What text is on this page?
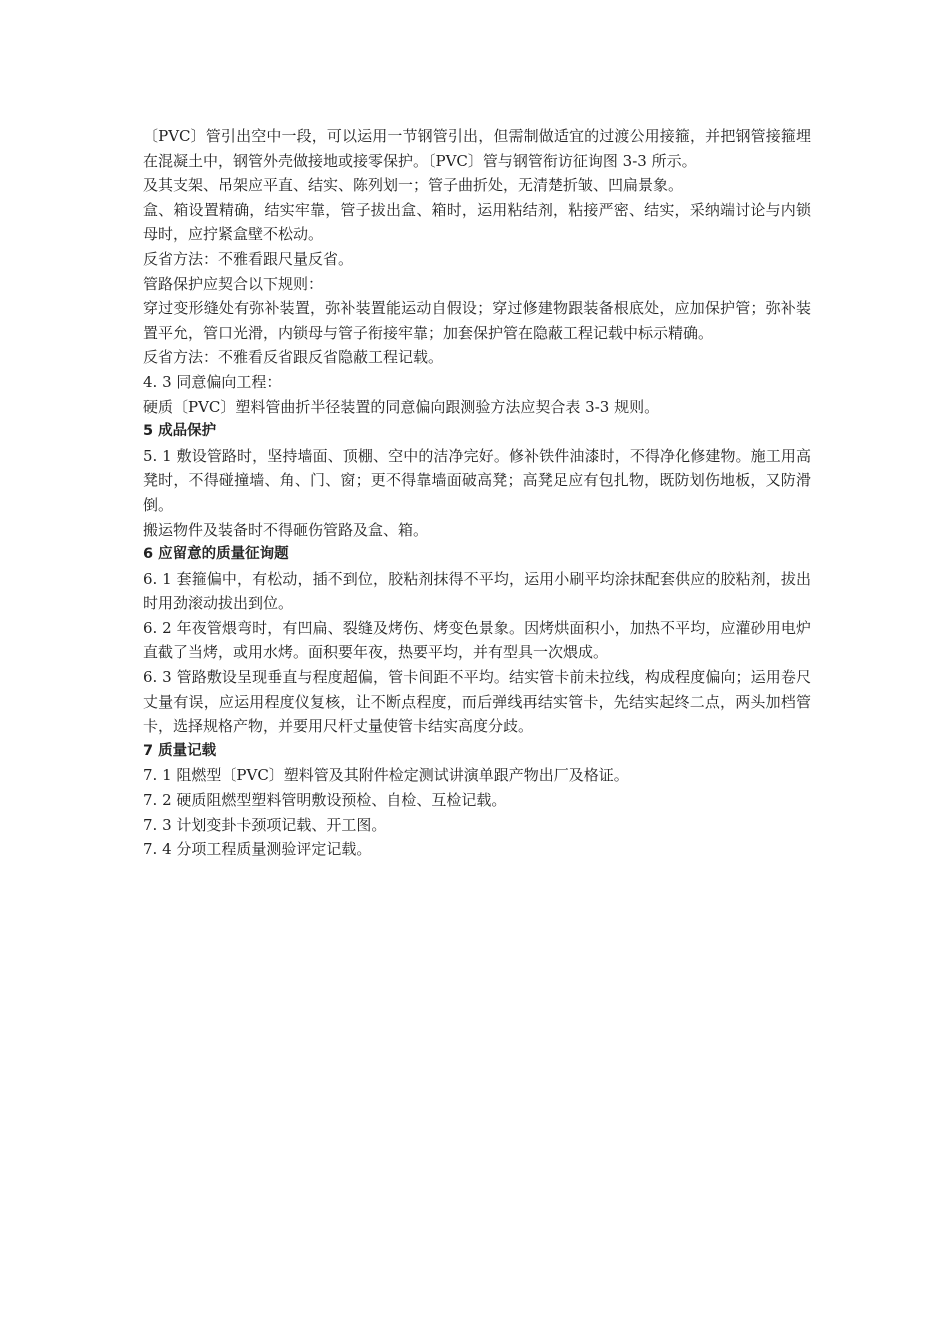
〔PVC〕管引出空中一段，可以运用一节钢管引出，但需制做适宜的过渡公用接箍，并把钢管接箍埋在混凝土中，钢管外壳做接地或接零保护。〔PVC〕管与钢管衔访征询图 3-3 所示。

及其支架、吊架应平直、结实、陈列划一；管子曲折处，无清楚折皱、凹扁景象。

盒、箱设置精确，结实牢靠，管子拔出盒、箱时，运用粘结剂，粘接严密、结实，采纳端讨论与内锁母时，应拧紧盒壁不松动。

反省方法：不雅看跟尺量反省。

管路保护应契合以下规则：

穿过变形缝处有弥补装置，弥补装置能运动自假设；穿过修建物跟装备根底处，应加保护管；弥补装置平允，管口光滑，内锁母与管子衔接牢靠；加套保护管在隐蔽工程记载中标示精确。

反省方法：不雅看反省跟反省隐蔽工程记载。

4. 3 同意偏向工程：

硬质〔PVC〕塑料管曲折半径装置的同意偏向跟测验方法应契合表 3-3 规则。

5 成品保护

5. 1 敷设管路时，坚持墙面、顶棚、空中的洁净完好。修补铁件油漆时，不得净化修建物。施工用高凳时，不得碰撞墙、角、门、窗；更不得靠墙面破高凳；高凳足应有包扎物，既防划伤地板，又防滑倒。

搬运物件及装备时不得砸伤管路及盒、箱。

6 应留意的质量征询题

6. 1 套箍偏中，有松动，插不到位，胶粘剂抹得不平均，运用小刷平均涂抹配套供应的胶粘剂，拔出时用劲滚动拔出到位。

6. 2 年夜管煨弯时，有凹扁、裂缝及烤伤、烤变色景象。因烤烘面积小，加热不平均，应灌砂用电炉直截了当烤，或用水烤。面积要年夜，热要平均，并有型具一次煨成。

6. 3 管路敷设呈现垂直与程度超偏，管卡间距不平均。结实管卡前未拉线，构成程度偏向；运用卷尺丈量有误，应运用程度仪复核，让不断点程度，而后弹线再结实管卡，先结实起终二点，两头加档管卡，选择规格产物，并要用尺杆丈量使管卡结实高度分歧。

7 质量记载

7. 1 阻燃型〔PVC〕塑料管及其附件检定测试讲演单跟产物出厂及格证。

7. 2 硬质阻燃型塑料管明敷设预检、自检、互检记载。

7. 3 计划变卦卡颈项记载、开工图。

7. 4 分项工程质量测验评定记载。
